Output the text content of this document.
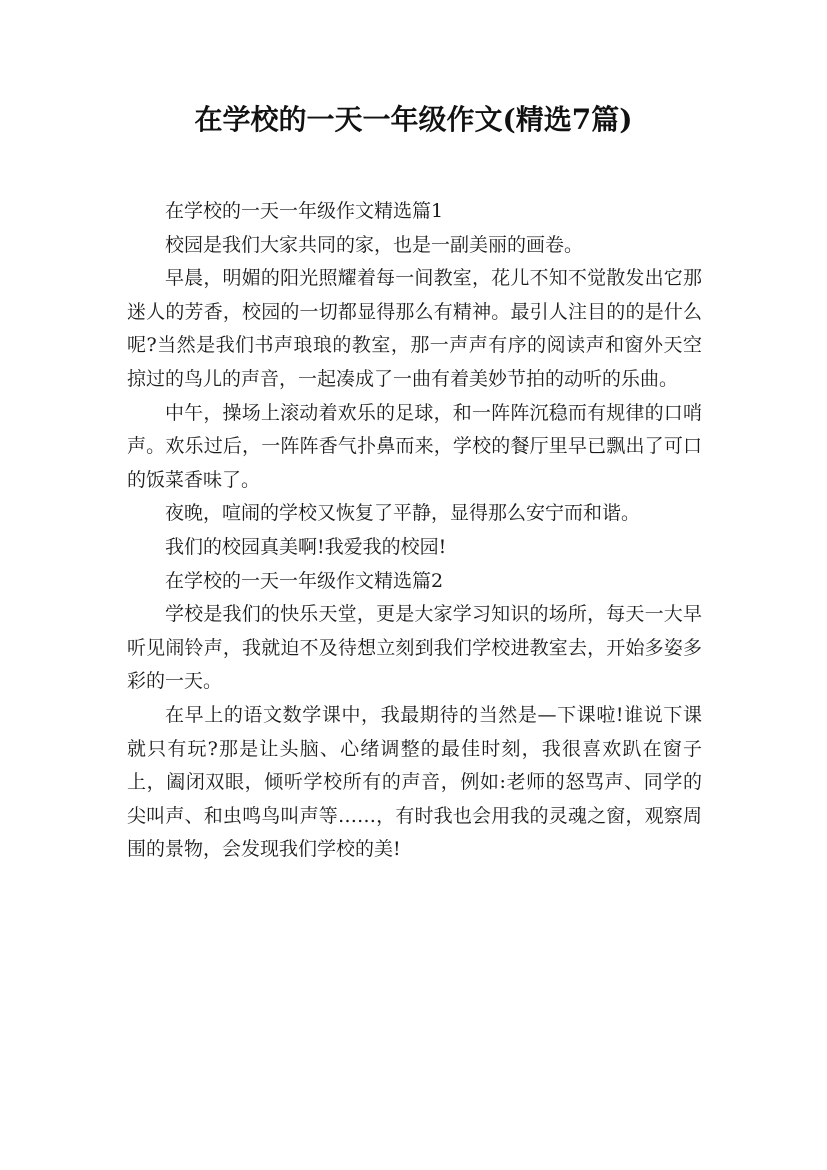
在学校的一天一年级作文(精选7篇)

在学校的一天一年级作文精选篇1

校园是我们大家共同的家，也是一副美丽的画卷。

早晨，明媚的阳光照耀着每一间教室，花儿不知不觉散发出它那迷人的芳香，校园的一切都显得那么有精神。最引人注目的的是什么呢?当然是我们书声琅琅的教室，那一声声有序的阅读声和窗外天空掠过的鸟儿的声音，一起凑成了一曲有着美妙节拍的动听的乐曲。

中午，操场上滚动着欢乐的足球，和一阵阵沉稳而有规律的口哨声。欢乐过后，一阵阵香气扑鼻而来，学校的餐厅里早已飘出了可口的饭菜香味了。

夜晚，喧闹的学校又恢复了平静，显得那么安宁而和谐。

我们的校园真美啊!我爱我的校园!

在学校的一天一年级作文精选篇2

学校是我们的快乐天堂，更是大家学习知识的场所，每天一大早听见闹铃声，我就迫不及待想立刻到我们学校进教室去，开始多姿多彩的一天。

在早上的语文数学课中，我最期待的当然是—下课啦!谁说下课就只有玩?那是让头脑、心绪调整的最佳时刻，我很喜欢趴在窗子上，阖闭双眼，倾听学校所有的声音，例如:老师的怒骂声、同学的尖叫声、和虫鸣鸟叫声等……，有时我也会用我的灵魂之窗，观察周围的景物，会发现我们学校的美!
